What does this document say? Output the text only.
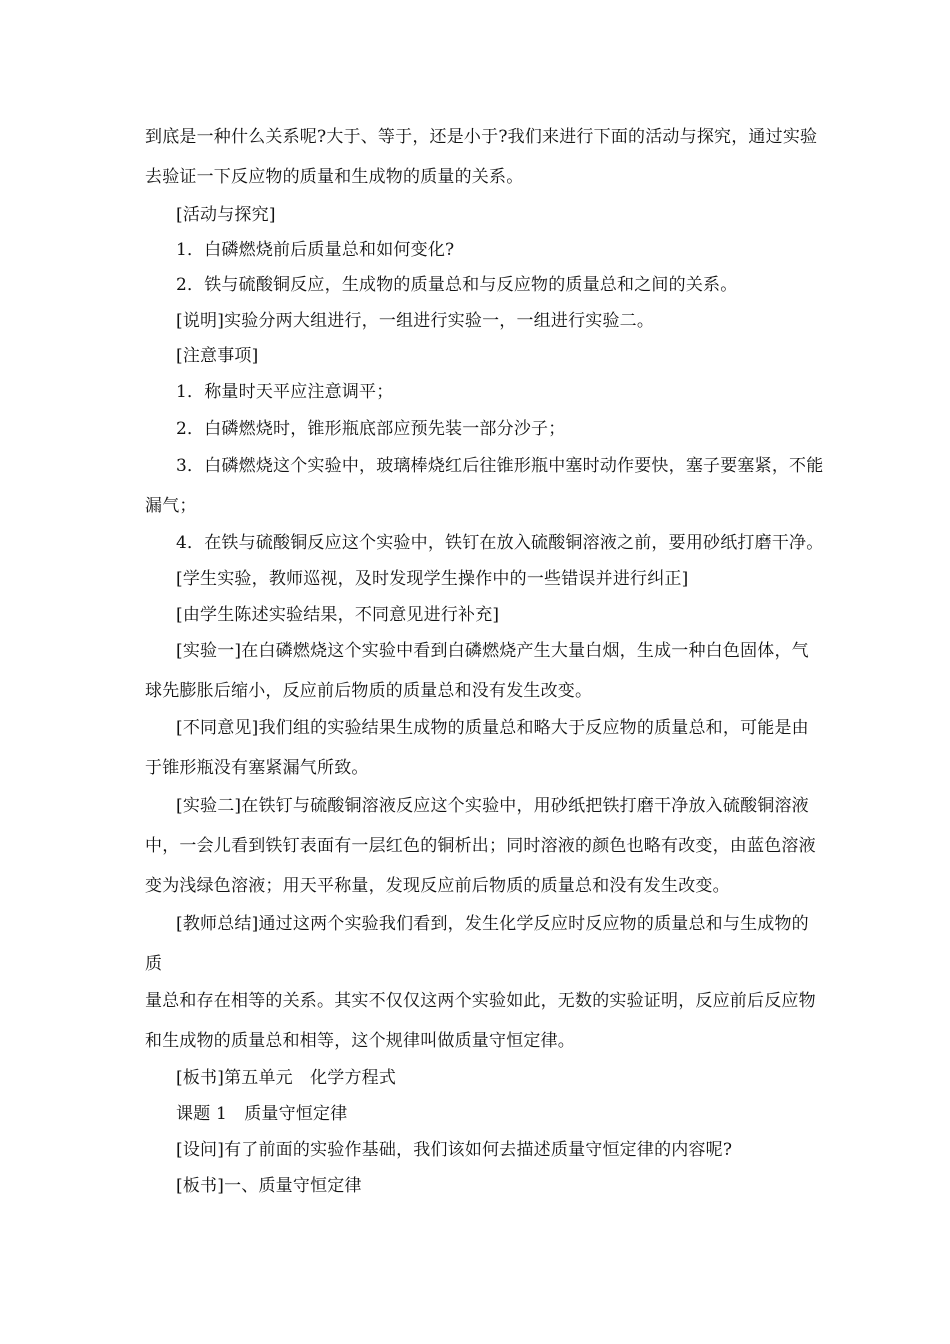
到底是一种什么关系呢?大于、等于，还是小于?我们来进行下面的活动与探究，通过实验
去验证一下反应物的质量和生成物的质量的关系。
[活动与探究]
1．白磷燃烧前后质量总和如何变化?
2．铁与硫酸铜反应，生成物的质量总和与反应物的质量总和之间的关系。
[说明]实验分两大组进行，一组进行实验一，一组进行实验二。
[注意事项]
1．称量时天平应注意调平；
2．白磷燃烧时，锥形瓶底部应预先装一部分沙子；
3．白磷燃烧这个实验中，玻璃棒烧红后往锥形瓶中塞时动作要快，塞子要塞紧，不能
漏气；
4．在铁与硫酸铜反应这个实验中，铁钉在放入硫酸铜溶液之前，要用砂纸打磨干净。
[学生实验，教师巡视，及时发现学生操作中的一些错误并进行纠正]
[由学生陈述实验结果，不同意见进行补充]
[实验一]在白磷燃烧这个实验中看到白磷燃烧产生大量白烟，生成一种白色固体，气
球先膨胀后缩小，反应前后物质的质量总和没有发生改变。
[不同意见]我们组的实验结果生成物的质量总和略大于反应物的质量总和，可能是由
于锥形瓶没有塞紧漏气所致。
[实验二]在铁钉与硫酸铜溶液反应这个实验中，用砂纸把铁打磨干净放入硫酸铜溶液
中，一会儿看到铁钉表面有一层红色的铜析出；同时溶液的颜色也略有改变，由蓝色溶液
变为浅绿色溶液；用天平称量，发现反应前后物质的质量总和没有发生改变。
[教师总结]通过这两个实验我们看到，发生化学反应时反应物的质量总和与生成物的
质
量总和存在相等的关系。其实不仅仅这两个实验如此，无数的实验证明，反应前后反应物
和生成物的质量总和相等，这个规律叫做质量守恒定律。
[板书]第五单元　化学方程式
课题 1　质量守恒定律
[设问]有了前面的实验作基础，我们该如何去描述质量守恒定律的内容呢?
[板书]一、质量守恒定律
